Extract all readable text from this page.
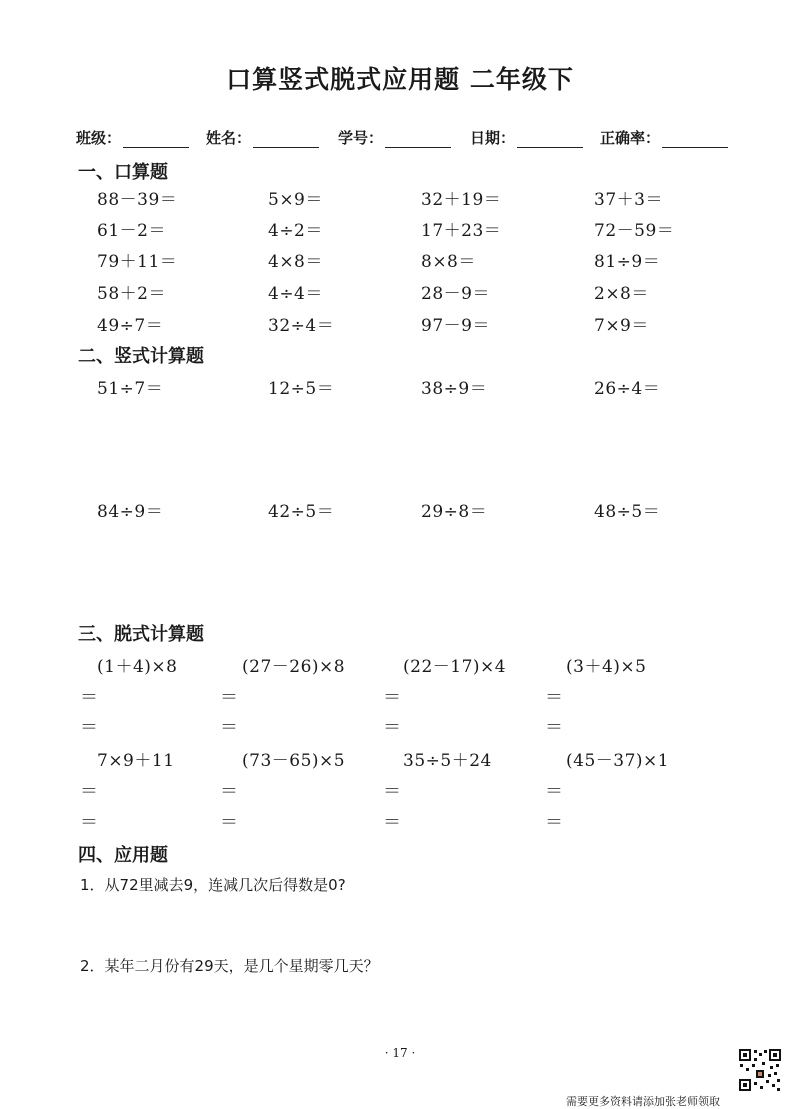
口算竖式脱式应用题 二年级下
班级：	姓名：	学号：	日期：	正确率：
一、口算题
88－39＝	5×9＝	32＋19＝	37＋3＝
61－2＝	4÷2＝	17＋23＝	72－59＝
79＋11＝	4×8＝	8×8＝	81÷9＝
58＋2＝	4÷4＝	28－9＝	2×8＝
49÷7＝	32÷4＝	97－9＝	7×9＝
二、竖式计算题
51÷7＝	12÷5＝	38÷9＝	26÷4＝
84÷9＝	42÷5＝	29÷8＝	48÷5＝
三、脱式计算题
(1＋4)×8	(27－26)×8	(22－17)×4	(3＋4)×5
＝	＝	＝	＝
＝	＝	＝	＝
7×9＋11	(73－65)×5	35÷5＋24	(45－37)×1
＝	＝	＝	＝
＝	＝	＝	＝
四、应用题
1．从72里减去9，连减几次后得数是0?
2．某年二月份有29天，是几个星期零几天？
· 17 ·
需要更多资料请添加张老师领取
